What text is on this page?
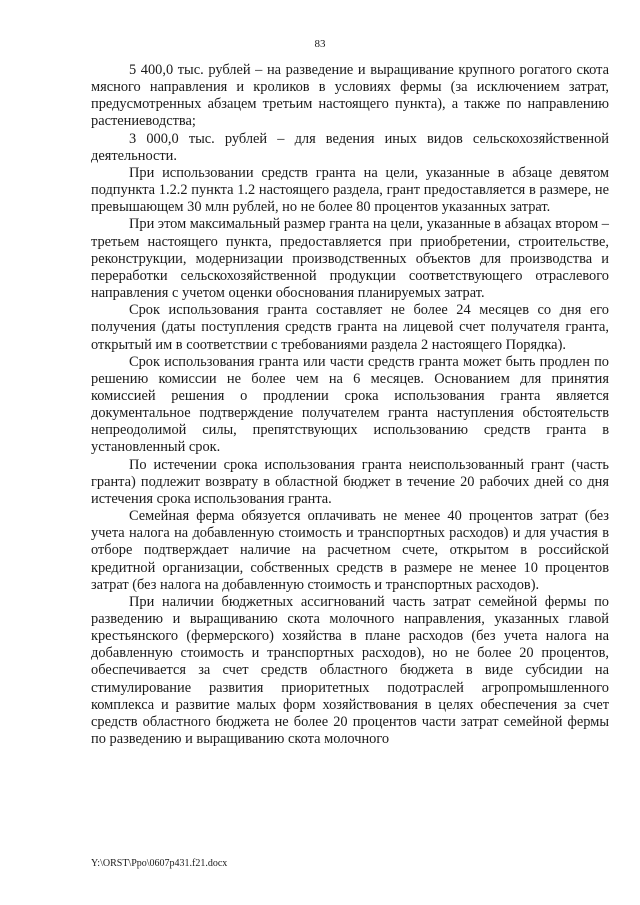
83

5 400,0 тыс. рублей – на разведение и выращивание крупного рогатого скота мясного направления и кроликов в условиях фермы (за исключением затрат, предусмотренных абзацем третьим настоящего пункта), а также по направлению растениеводства;

3 000,0 тыс. рублей – для ведения иных видов сельскохозяйственной деятельности.

При использовании средств гранта на цели, указанные в абзаце девятом подпункта 1.2.2 пункта 1.2 настоящего раздела, грант предоставляется в размере, не превышающем 30 млн рублей, но не более 80 процентов указанных затрат.

При этом максимальный размер гранта на цели, указанные в абзацах втором – третьем настоящего пункта, предоставляется при приобретении, строительстве, реконструкции, модернизации производственных объектов для производства и переработки сельскохозяйственной продукции соответствующего отраслевого направления с учетом оценки обоснования планируемых затрат.

Срок использования гранта составляет не более 24 месяцев со дня его получения (даты поступления средств гранта на лицевой счет получателя гранта, открытый им в соответствии с требованиями раздела 2 настоящего Порядка).

Срок использования гранта или части средств гранта может быть продлен по решению комиссии не более чем на 6 месяцев. Основанием для принятия комиссией решения о продлении срока использования гранта является документальное подтверждение получателем гранта наступления обстоятельств непреодолимой силы, препятствующих использованию средств гранта в установленный срок.

По истечении срока использования гранта неиспользованный грант (часть гранта) подлежит возврату в областной бюджет в течение 20 рабочих дней со дня истечения срока использования гранта.

Семейная ферма обязуется оплачивать не менее 40 процентов затрат (без учета налога на добавленную стоимость и транспортных расходов) и для участия в отборе подтверждает наличие на расчетном счете, открытом в российской кредитной организации, собственных средств в размере не менее 10 процентов затрат (без налога на добавленную стоимость и транспортных расходов).

При наличии бюджетных ассигнований часть затрат семейной фермы по разведению и выращиванию скота молочного направления, указанных главой крестьянского (фермерского) хозяйства в плане расходов (без учета налога на добавленную стоимость и транспортных расходов), но не более 20 процентов, обеспечивается за счет средств областного бюджета в виде субсидии на стимулирование развития приоритетных подотраслей агропромышленного комплекса и развитие малых форм хозяйствования в целях обеспечения за счет средств областного бюджета не более 20 процентов части затрат семейной фермы по разведению и выращиванию скота молочного

Y:\ORST\Ppo\0607p431.f21.docx
